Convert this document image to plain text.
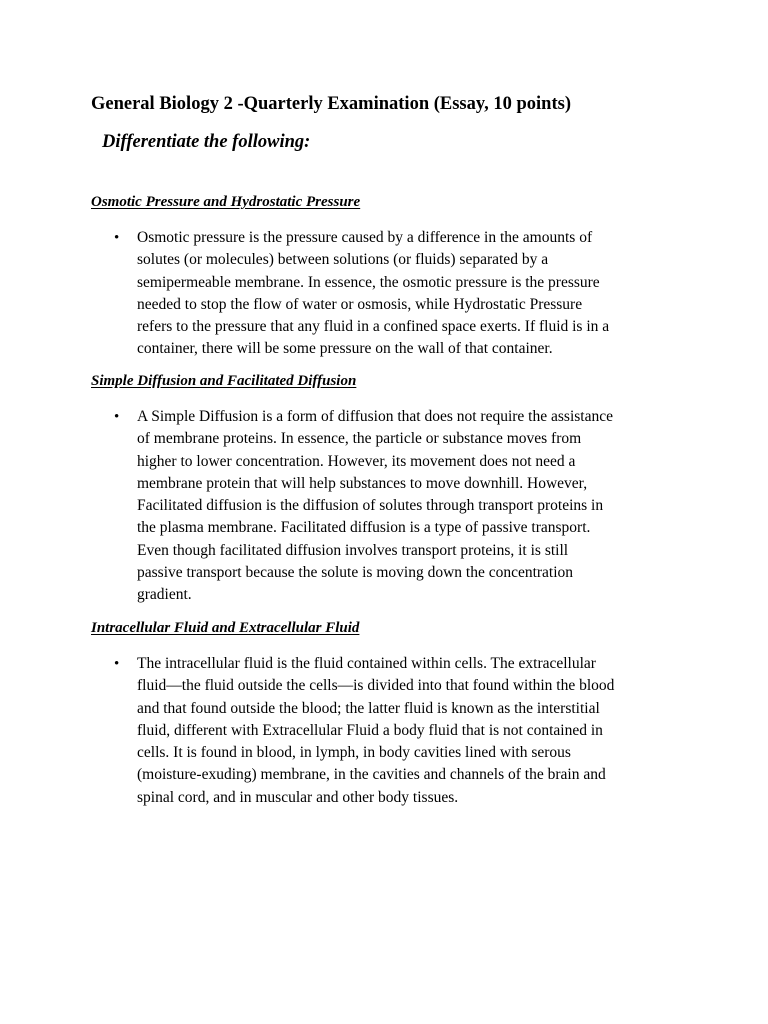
General Biology 2 -Quarterly Examination (Essay, 10 points)
Differentiate the following:
Osmotic Pressure and Hydrostatic Pressure
• Osmotic pressure is the pressure caused by a difference in the amounts of
solutes (or molecules) between solutions (or fluids) separated by a
semipermeable membrane. In essence, the osmotic pressure is the pressure
needed to stop the flow of water or osmosis, while Hydrostatic Pressure
refers to the pressure that any fluid in a confined space exerts. If fluid is in a
container, there will be some pressure on the wall of that container.
Simple Diffusion and Facilitated Diffusion
• A Simple Diffusion is a form of diffusion that does not require the assistance
of membrane proteins. In essence, the particle or substance moves from
higher to lower concentration. However, its movement does not need a
membrane protein that will help substances to move downhill. However,
Facilitated diffusion is the diffusion of solutes through transport proteins in
the plasma membrane. Facilitated diffusion is a type of passive transport.
Even though facilitated diffusion involves transport proteins, it is still
passive transport because the solute is moving down the concentration
gradient.
Intracellular Fluid and Extracellular Fluid
• The intracellular fluid is the fluid contained within cells. The extracellular
fluid—the fluid outside the cells—is divided into that found within the blood
and that found outside the blood; the latter fluid is known as the interstitial
fluid, different with Extracellular Fluid a body fluid that is not contained in
cells. It is found in blood, in lymph, in body cavities lined with serous
(moisture-exuding) membrane, in the cavities and channels of the brain and
spinal cord, and in muscular and other body tissues.
